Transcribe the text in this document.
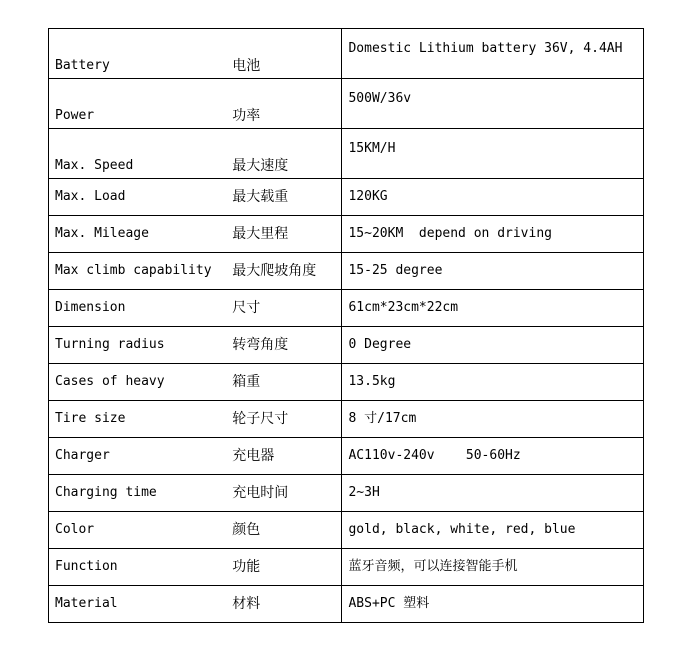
Battery	电池	Domestic Lithium battery 36V, 4.4AH
Power	功率	500W/36v
Max. Speed	最大速度	15KM/H
Max. Load	最大载重	120KG
Max. Mileage	最大里程	15~20KM  depend on driving
Max climb capability	最大爬坡角度	15-25 degree
Dimension	尺寸	61cm*23cm*22cm
Turning radius	转弯角度	0 Degree
Cases of heavy	箱重	13.5kg
Tire size	轮子尺寸	8 寸/17cm
Charger	充电器	AC110v-240v    50-60Hz
Charging time	充电时间	2~3H
Color	颜色	gold, black, white, red, blue
Function	功能	蓝牙音频，可以连接智能手机
Material	材料	ABS+PC 塑料
